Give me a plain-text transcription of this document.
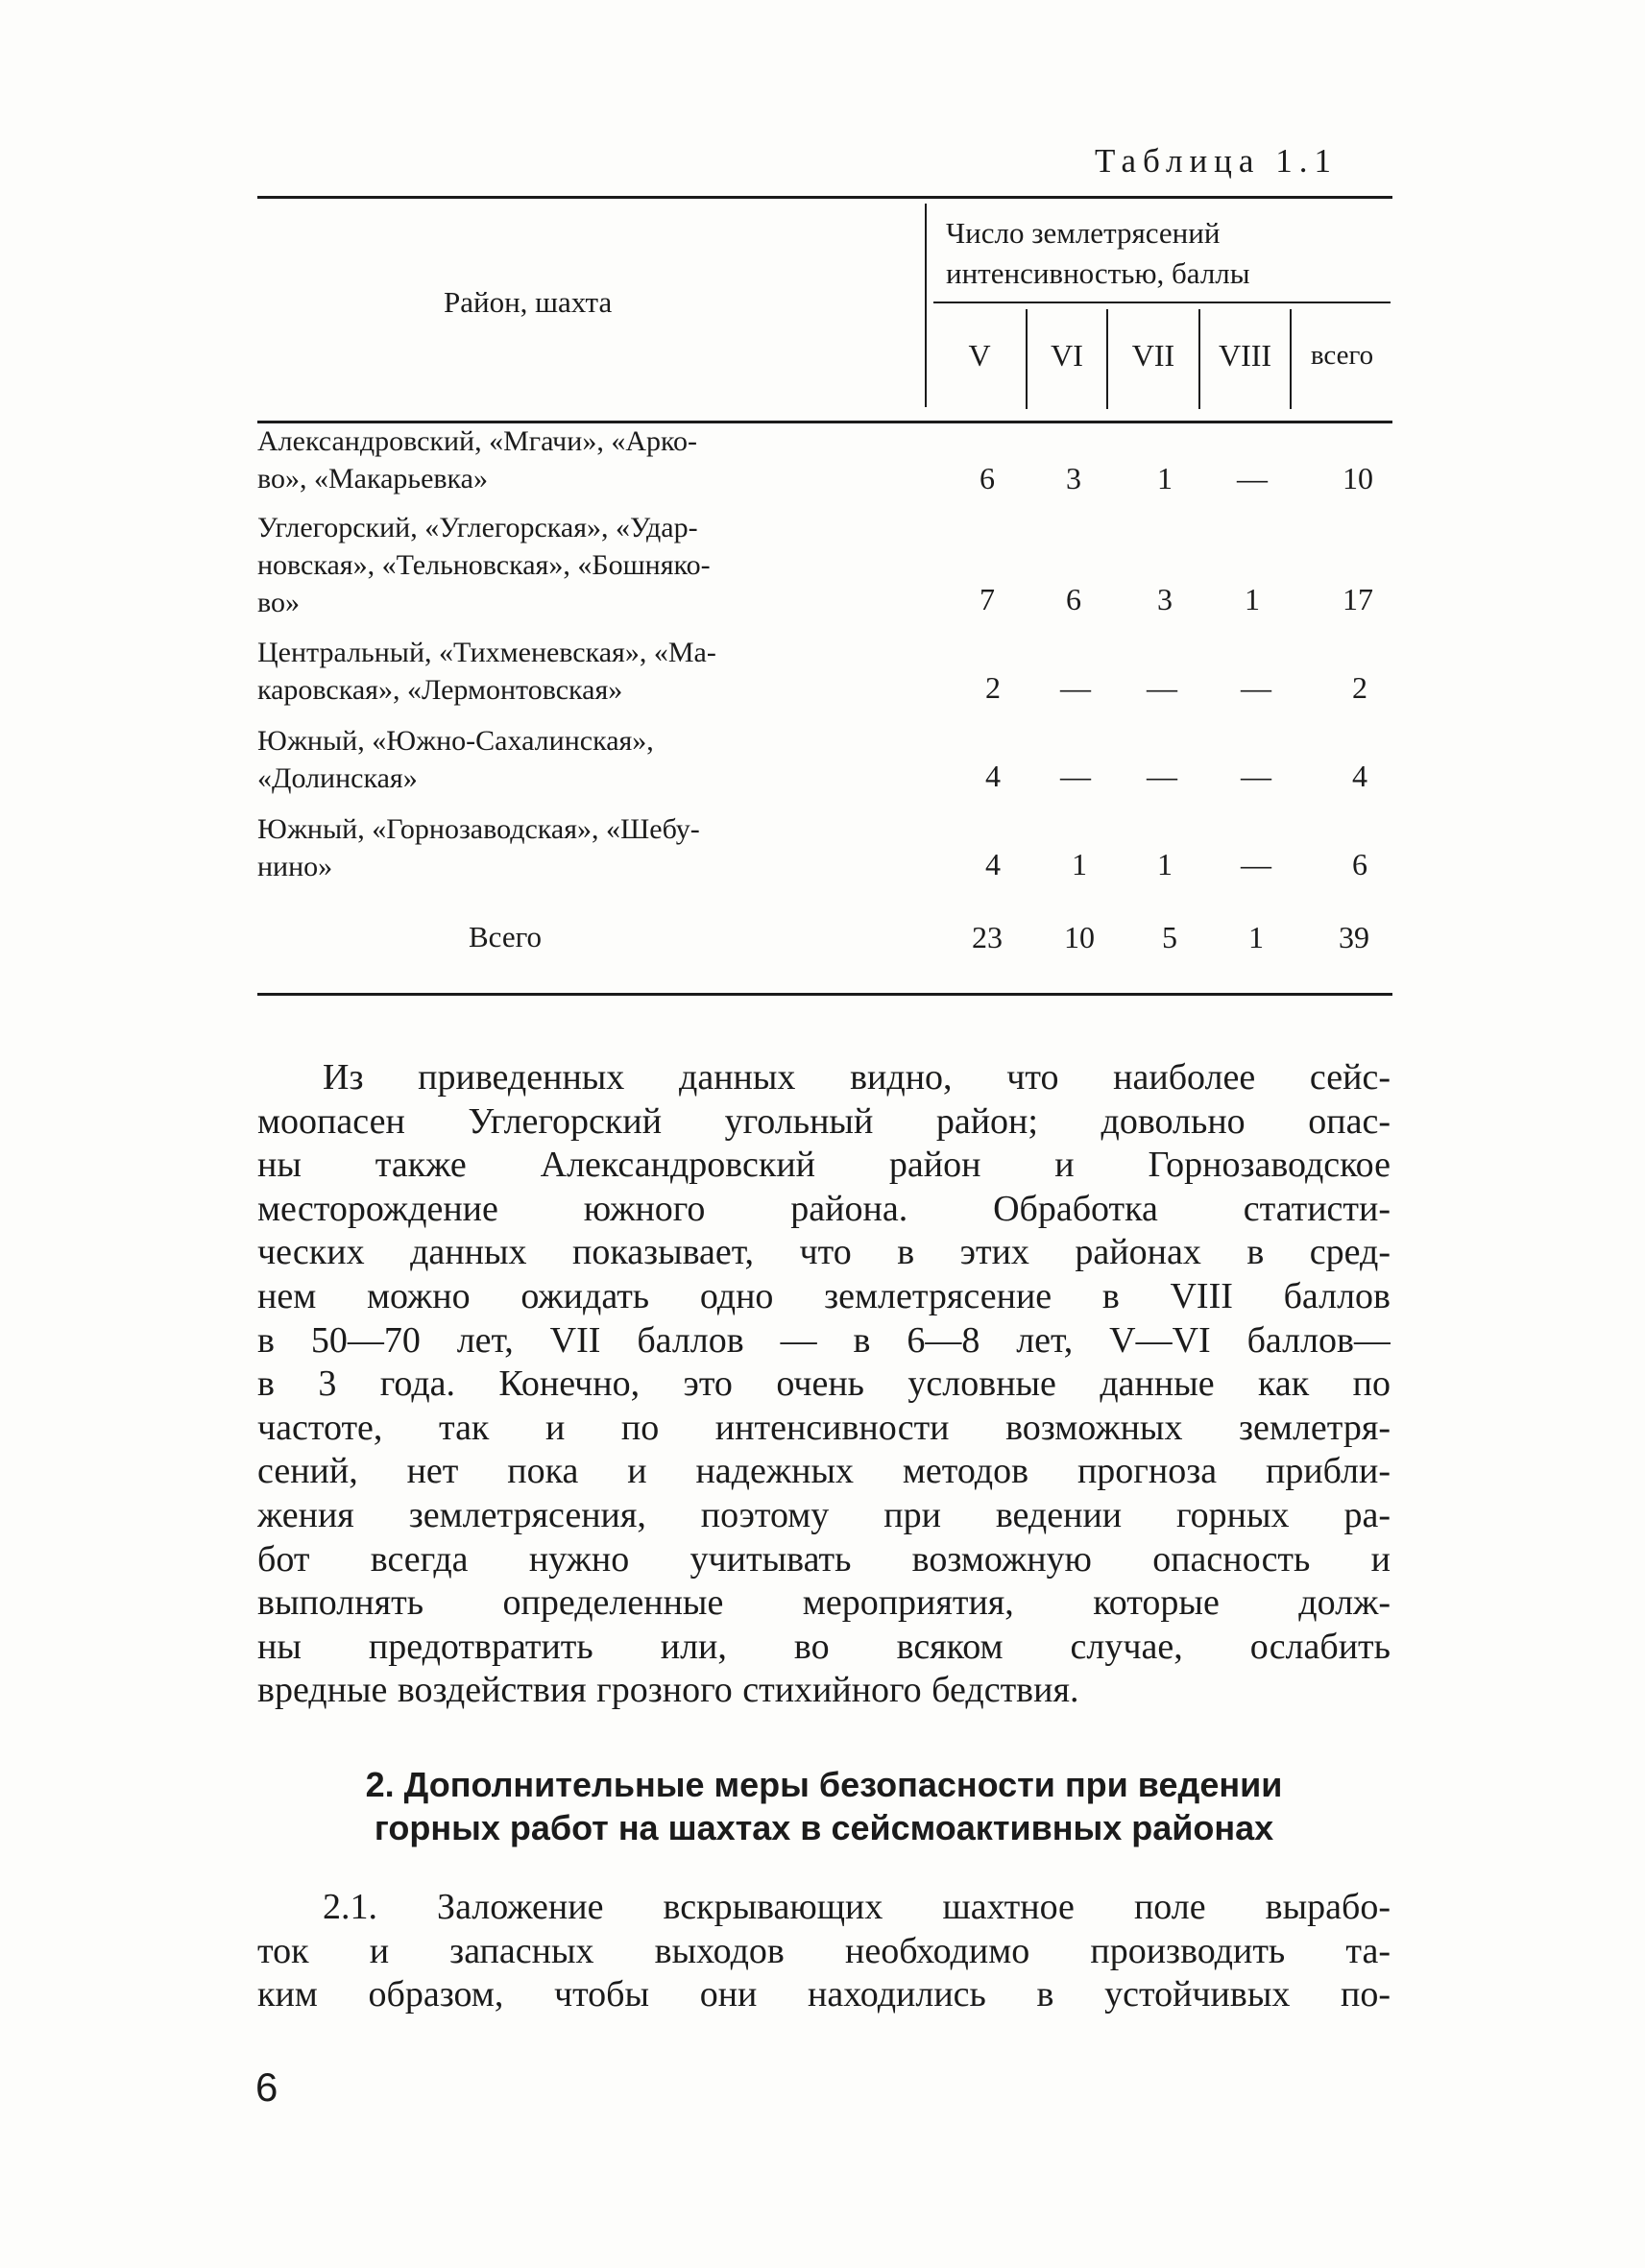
Таблица 1.1
Район, шахта
Число землетрясений
интенсивностью, баллы
V	VI	VII	VIII	всего
Александровский, «Мгачи», «Арко-
во», «Макарьевка»	6	3	1	—	10
Углегорский, «Углегорская», «Удар-
новская», «Тельновская», «Бошняко-
во»	7	6	3	1	17
Центральный, «Тихменевская», «Ма-
каровская», «Лермонтовская»	2	—	—	—	2
Южный, «Южно-Сахалинская»,
«Долинская»	4	—	—	—	4
Южный, «Горнозаводская», «Шебу-
нино»	4	1	1	—	6
Всего	23	10	5	1	39
Из приведенных данных видно, что наиболее сейс-
моопасен Углегорский угольный район; довольно опас-
ны также Александровский район и Горнозаводское
месторождение южного района. Обработка статисти-
ческих данных показывает, что в этих районах в сред-
нем можно ожидать одно землетрясение в VIII баллов
в 50—70 лет, VII баллов — в 6—8 лет, V—VI баллов—
в 3 года. Конечно, это очень условные данные как по
частоте, так и по интенсивности возможных землетря-
сений, нет пока и надежных методов прогноза прибли-
жения землетрясения, поэтому при ведении горных ра-
бот всегда нужно учитывать возможную опасность и
выполнять определенные мероприятия, которые долж-
ны предотвратить или, во всяком случае, ослабить
вредные воздействия грозного стихийного бедствия.
2. Дополнительные меры безопасности при ведении
горных работ на шахтах в сейсмоактивных районах
2.1. Заложение вскрывающих шахтное поле вырабо-
ток и запасных выходов необходимо производить та-
ким образом, чтобы они находились в устойчивых по-
6
